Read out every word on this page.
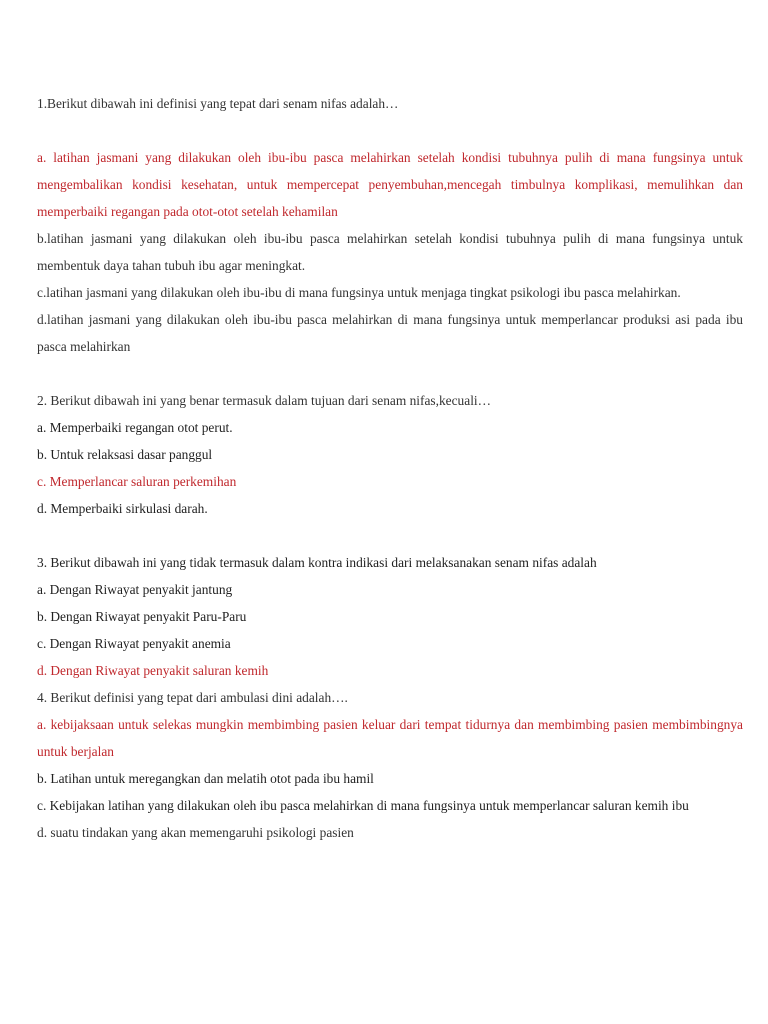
1.Berikut dibawah ini definisi yang tepat dari senam nifas adalah…
a. latihan jasmani yang dilakukan oleh ibu-ibu pasca melahirkan setelah kondisi tubuhnya pulih di mana fungsinya untuk mengembalikan kondisi kesehatan, untuk mempercepat penyembuhan,mencegah timbulnya komplikasi, memulihkan dan memperbaiki regangan pada otot-otot setelah kehamilan
b.latihan jasmani yang dilakukan oleh ibu-ibu pasca melahirkan setelah kondisi tubuhnya pulih di mana fungsinya untuk membentuk daya tahan tubuh ibu agar meningkat.
c.latihan jasmani yang dilakukan oleh ibu-ibu di mana fungsinya untuk menjaga tingkat psikologi ibu pasca melahirkan.
d.latihan jasmani yang dilakukan oleh ibu-ibu pasca melahirkan di mana fungsinya untuk memperlancar produksi asi pada ibu pasca melahirkan
2. Berikut dibawah ini yang benar termasuk dalam tujuan dari senam nifas,kecuali…
a. Memperbaiki regangan otot perut.
b. Untuk relaksasi dasar panggul
c. Memperlancar saluran perkemihan
d. Memperbaiki sirkulasi darah.
3. Berikut dibawah ini yang tidak termasuk dalam kontra indikasi dari melaksanakan senam nifas adalah
a. Dengan Riwayat penyakit jantung
b. Dengan Riwayat penyakit Paru-Paru
c. Dengan Riwayat penyakit anemia
d. Dengan Riwayat penyakit saluran kemih
4. Berikut definisi yang tepat dari ambulasi dini adalah….
a. kebijaksaan untuk selekas mungkin membimbing pasien keluar dari tempat tidurnya dan membimbing pasien membimbingnya untuk berjalan
b. Latihan untuk meregangkan dan melatih otot pada ibu hamil
c. Kebijakan latihan yang dilakukan oleh ibu pasca melahirkan di mana fungsinya untuk memperlancar saluran kemih ibu
d. suatu tindakan yang akan memengaruhi psikologi pasien
